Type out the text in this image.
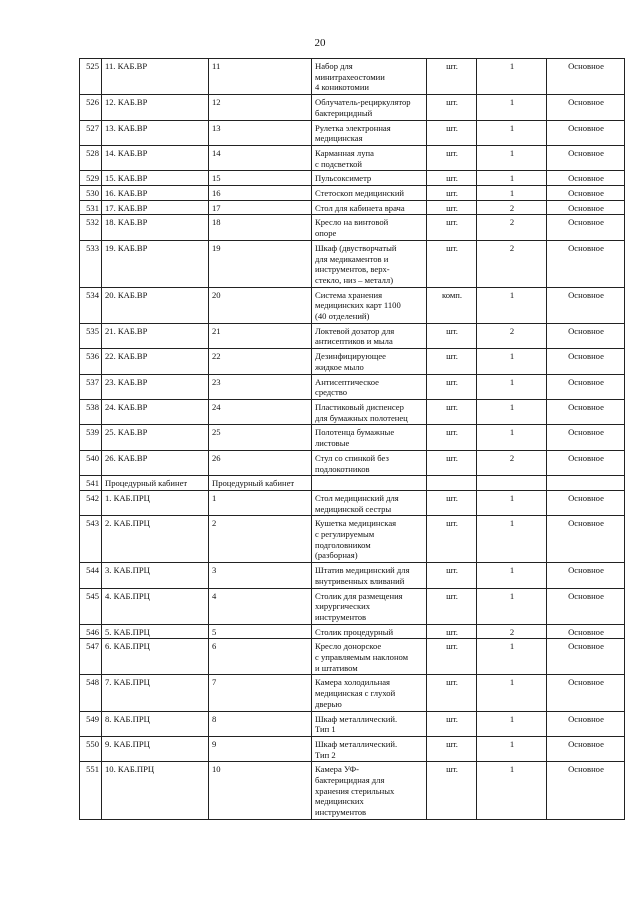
20
525	11. КАБ.ВР	11	Набор для
минитрахеостомии
4 коникотомии	шт.	1	Основное
526	12. КАБ.ВР	12	Облучатель-рециркулятор
бактерицидный	шт.	1	Основное
527	13. КАБ.ВР	13	Рулетка электронная
медицинская	шт.	1	Основное
528	14. КАБ.ВР	14	Карманная лупа
с подсветкой	шт.	1	Основное
529	15. КАБ.ВР	15	Пульсоксиметр	шт.	1	Основное
530	16. КАБ.ВР	16	Стетоскоп медицинский	шт.	1	Основное
531	17. КАБ.ВР	17	Стол для кабинета врача	шт.	2	Основное
532	18. КАБ.ВР	18	Кресло на винтовой
опоре	шт.	2	Основное
533	19. КАБ.ВР	19	Шкаф (двустворчатый
для медикаментов и
инструментов, верх-
стекло, низ – металл)	шт.	2	Основное
534	20. КАБ.ВР	20	Система хранения
медицинских карт 1100
(40 отделений)	комп.	1	Основное
535	21. КАБ.ВР	21	Локтевой дозатор для
антисептиков и мыла	шт.	2	Основное
536	22. КАБ.ВР	22	Дезинфицирующее
жидкое мыло	шт.	1	Основное
537	23. КАБ.ВР	23	Антисептическое
средство	шт.	1	Основное
538	24. КАБ.ВР	24	Пластиковый диспенсер
для бумажных полотенец	шт.	1	Основное
539	25. КАБ.ВР	25	Полотенца бумажные
листовые	шт.	1	Основное
540	26. КАБ.ВР	26	Стул со спинкой без
подлокотников	шт.	2	Основное
541	Процедурный кабинет	Процедурный кабинет				
542	1. КАБ.ПРЦ	1	Стол медицинский для
медицинской сестры	шт.	1	Основное
543	2. КАБ.ПРЦ	2	Кушетка медицинская
с регулируемым
подголовником
(разборная)	шт.	1	Основное
544	3. КАБ.ПРЦ	3	Штатив медицинский для
внутривенных вливаний	шт.	1	Основное
545	4. КАБ.ПРЦ	4	Столик для размещения
хирургических
инструментов	шт.	1	Основное
546	5. КАБ.ПРЦ	5	Столик процедурный	шт.	2	Основное
547	6. КАБ.ПРЦ	6	Кресло донорское
с управляемым наклоном
и штативом	шт.	1	Основное
548	7. КАБ.ПРЦ	7	Камера холодильная
медицинская с глухой
дверью	шт.	1	Основное
549	8. КАБ.ПРЦ	8	Шкаф металлический.
Тип 1	шт.	1	Основное
550	9. КАБ.ПРЦ	9	Шкаф металлический.
Тип 2	шт.	1	Основное
551	10. КАБ.ПРЦ	10	Камера УФ-
бактерицидная для
хранения стерильных
медицинских
инструментов	шт.	1	Основное
